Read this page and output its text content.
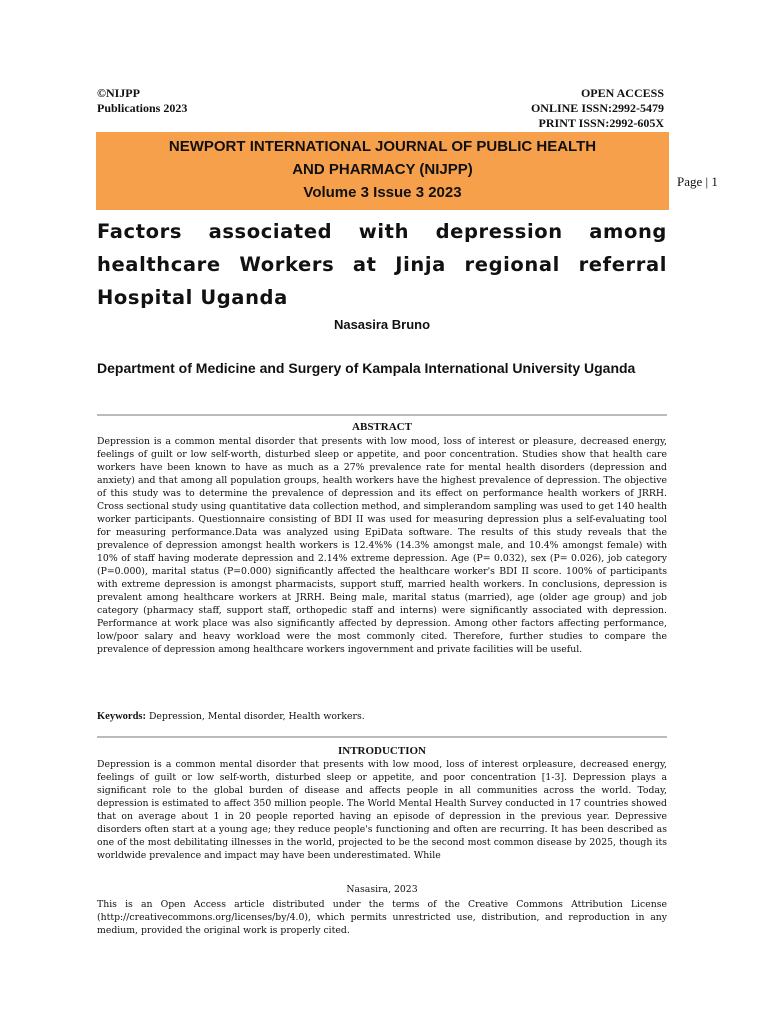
©NIJPP
Publications 2023
OPEN ACCESS
ONLINE ISSN:2992-5479
PRINT ISSN:2992-605X
NEWPORT INTERNATIONAL JOURNAL OF PUBLIC HEALTH
AND PHARMACY (NIJPP)
Volume 3 Issue 3 2023
Page | 1
Factors associated with depression among healthcare Workers at Jinja regional referral Hospital Uganda
Nasasira Bruno
Department of Medicine and Surgery of Kampala International University Uganda
ABSTRACT
Depression is a common mental disorder that presents with low mood, loss of interest or pleasure, decreased energy, feelings of guilt or low self-worth, disturbed sleep or appetite, and poor concentration. Studies show that health care workers have been known to have as much as a 27% prevalence rate for mental health disorders (depression and anxiety) and that among all population groups, health workers have the highest prevalence of depression. The objective of this study was to determine the prevalence of depression and its effect on performance health workers of JRRH. Cross sectional study using quantitative data collection method, and simplerandom sampling was used to get 140 health worker participants. Questionnaire consisting of BDI II was used for measuring depression plus a self-evaluating tool for measuring performance.Data was analyzed using EpiData software. The results of this study reveals that the prevalence of depression amongst health workers is 12.4%% (14.3% amongst male, and 10.4% amongst female) with 10% of staff having moderate depression and 2.14% extreme depression. Age (P= 0.032), sex (P= 0.026), job category (P=0.000), marital status (P=0.000) significantly affected the healthcare worker's BDI II score. 100% of participants with extreme depression is amongst pharmacists, support stuff, married health workers. In conclusions, depression is prevalent among healthcare workers at JRRH. Being male, marital status (married), age (older age group) and job category (pharmacy staff, support staff, orthopedic staff and interns) were significantly associated with depression. Performance at work place was also significantly affected by depression. Among other factors affecting performance, low/poor salary and heavy workload were the most commonly cited. Therefore, further studies to compare the prevalence of depression among healthcare workers ingovernment and private facilities will be useful.
Keywords: Depression, Mental disorder, Health workers.
INTRODUCTION
Depression is a common mental disorder that presents with low mood, loss of interest orpleasure, decreased energy, feelings of guilt or low self-worth, disturbed sleep or appetite, and poor concentration [1-3]. Depression plays a significant role to the global burden of disease and affects people in all communities across the world. Today, depression is estimated to affect 350 million people. The World Mental Health Survey conducted in 17 countries showed that on average about 1 in 20 people reported having an episode of depression in the previous year. Depressive disorders often start at a young age; they reduce people's functioning and often are recurring. It has been described as one of the most debilitating illnesses in the world, projected to be the second most common disease by 2025, though its worldwide prevalence and impact may have been underestimated. While
Nasasira, 2023
This is an Open Access article distributed under the terms of the Creative Commons Attribution License (http://creativecommons.org/licenses/by/4.0), which permits unrestricted use, distribution, and reproduction in any medium, provided the original work is properly cited.
